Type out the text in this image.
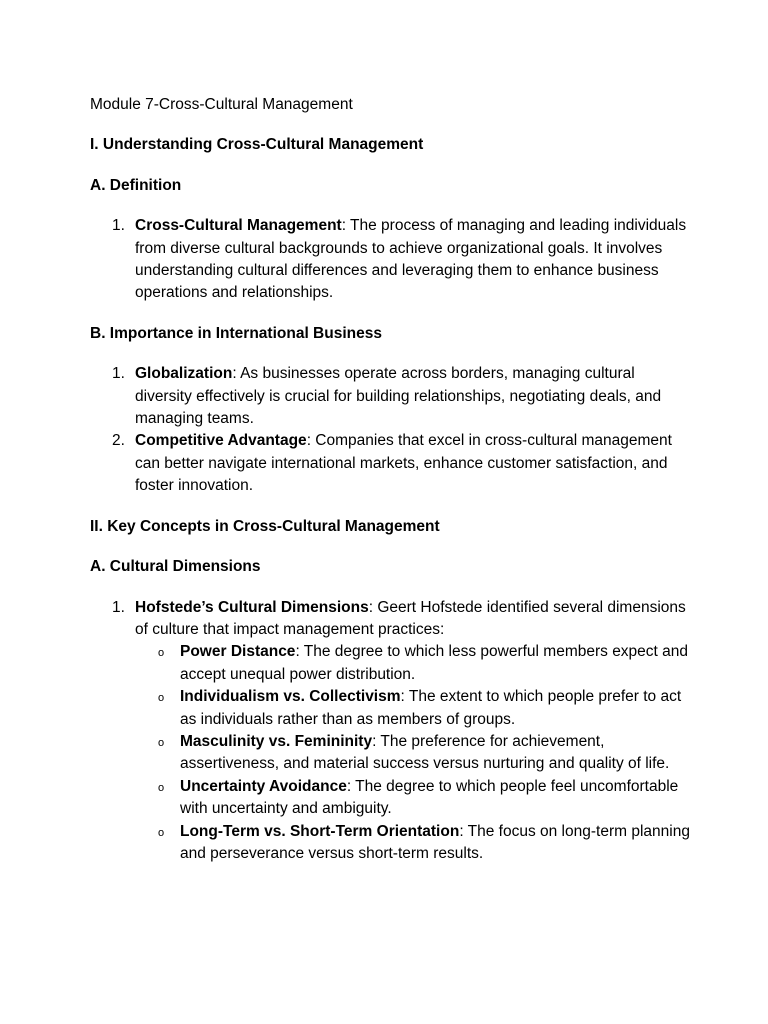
Module 7-Cross-Cultural Management

I. Understanding Cross-Cultural Management

A. Definition

1. Cross-Cultural Management: The process of managing and leading individuals from diverse cultural backgrounds to achieve organizational goals. It involves understanding cultural differences and leveraging them to enhance business operations and relationships.

B. Importance in International Business

1. Globalization: As businesses operate across borders, managing cultural diversity effectively is crucial for building relationships, negotiating deals, and managing teams.
2. Competitive Advantage: Companies that excel in cross-cultural management can better navigate international markets, enhance customer satisfaction, and foster innovation.

II. Key Concepts in Cross-Cultural Management

A. Cultural Dimensions

1. Hofstede’s Cultural Dimensions: Geert Hofstede identified several dimensions of culture that impact management practices:
o Power Distance: The degree to which less powerful members expect and accept unequal power distribution.
o Individualism vs. Collectivism: The extent to which people prefer to act as individuals rather than as members of groups.
o Masculinity vs. Femininity: The preference for achievement, assertiveness, and material success versus nurturing and quality of life.
o Uncertainty Avoidance: The degree to which people feel uncomfortable with uncertainty and ambiguity.
o Long-Term vs. Short-Term Orientation: The focus on long-term planning and perseverance versus short-term results.
